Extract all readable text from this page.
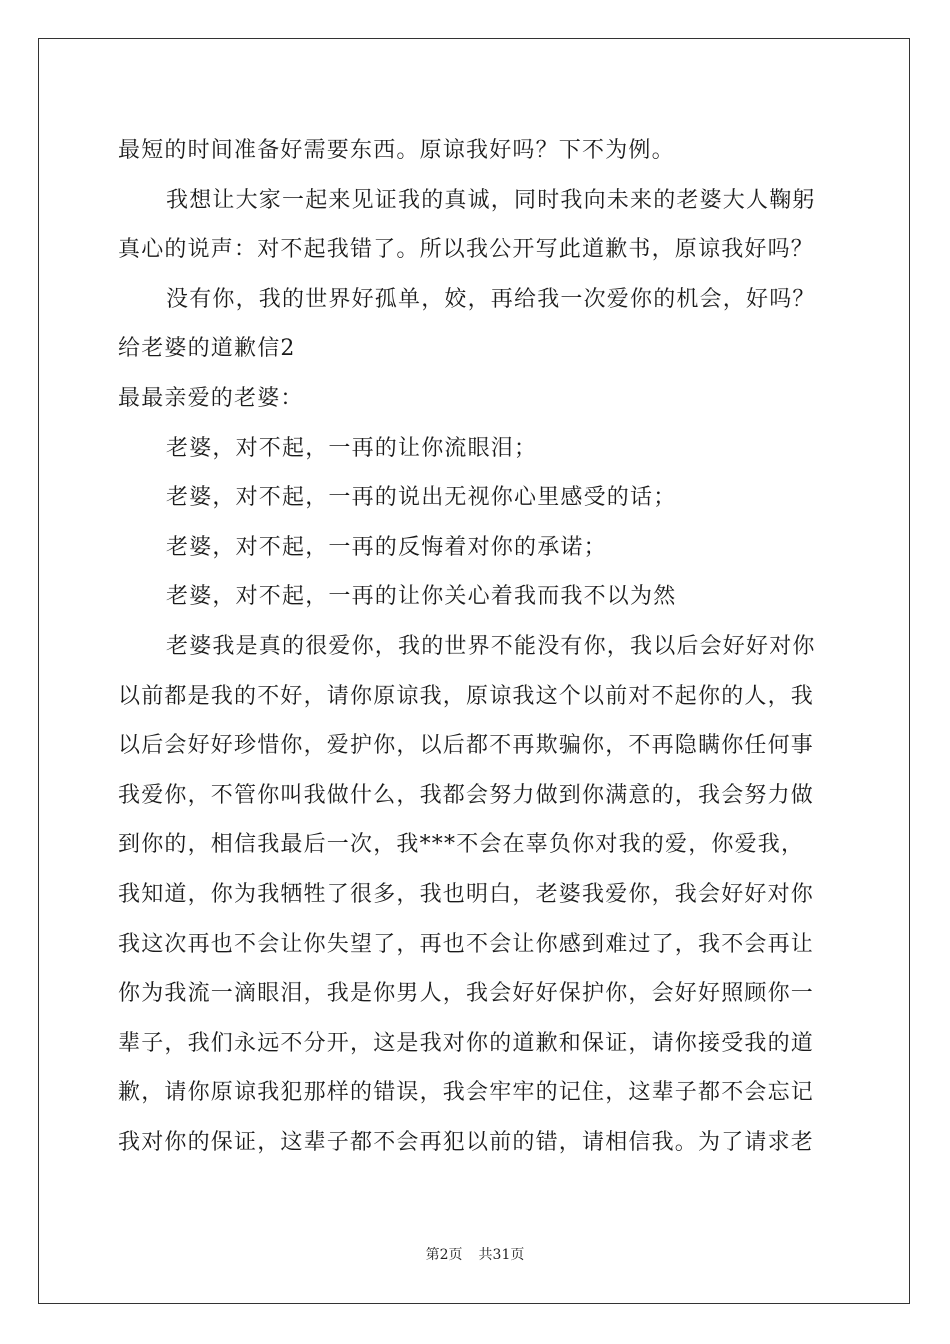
最短的时间准备好需要东西。原谅我好吗？下不为例。
我想让大家一起来见证我的真诚，同时我向未来的老婆大人鞠躬
真心的说声：对不起我错了。所以我公开写此道歉书，原谅我好吗？
没有你，我的世界好孤单，姣，再给我一次爱你的机会，好吗？
给老婆的道歉信2
最最亲爱的老婆：
老婆，对不起，一再的让你流眼泪；
老婆，对不起，一再的说出无视你心里感受的话；
老婆，对不起，一再的反悔着对你的承诺；
老婆，对不起，一再的让你关心着我而我不以为然
老婆我是真的很爱你，我的世界不能没有你，我以后会好好对你
以前都是我的不好，请你原谅我，原谅我这个以前对不起你的人，我
以后会好好珍惜你，爱护你，以后都不再欺骗你，不再隐瞒你任何事
我爱你，不管你叫我做什么，我都会努力做到你满意的，我会努力做
到你的，相信我最后一次，我***不会在辜负你对我的爱，你爱我，
我知道，你为我牺牲了很多，我也明白，老婆我爱你，我会好好对你
我这次再也不会让你失望了，再也不会让你感到难过了，我不会再让
你为我流一滴眼泪，我是你男人，我会好好保护你，会好好照顾你一
辈子，我们永远不分开，这是我对你的道歉和保证，请你接受我的道
歉，请你原谅我犯那样的错误，我会牢牢的记住，这辈子都不会忘记
我对你的保证，这辈子都不会再犯以前的错，请相信我。为了请求老
第2页 共31页
